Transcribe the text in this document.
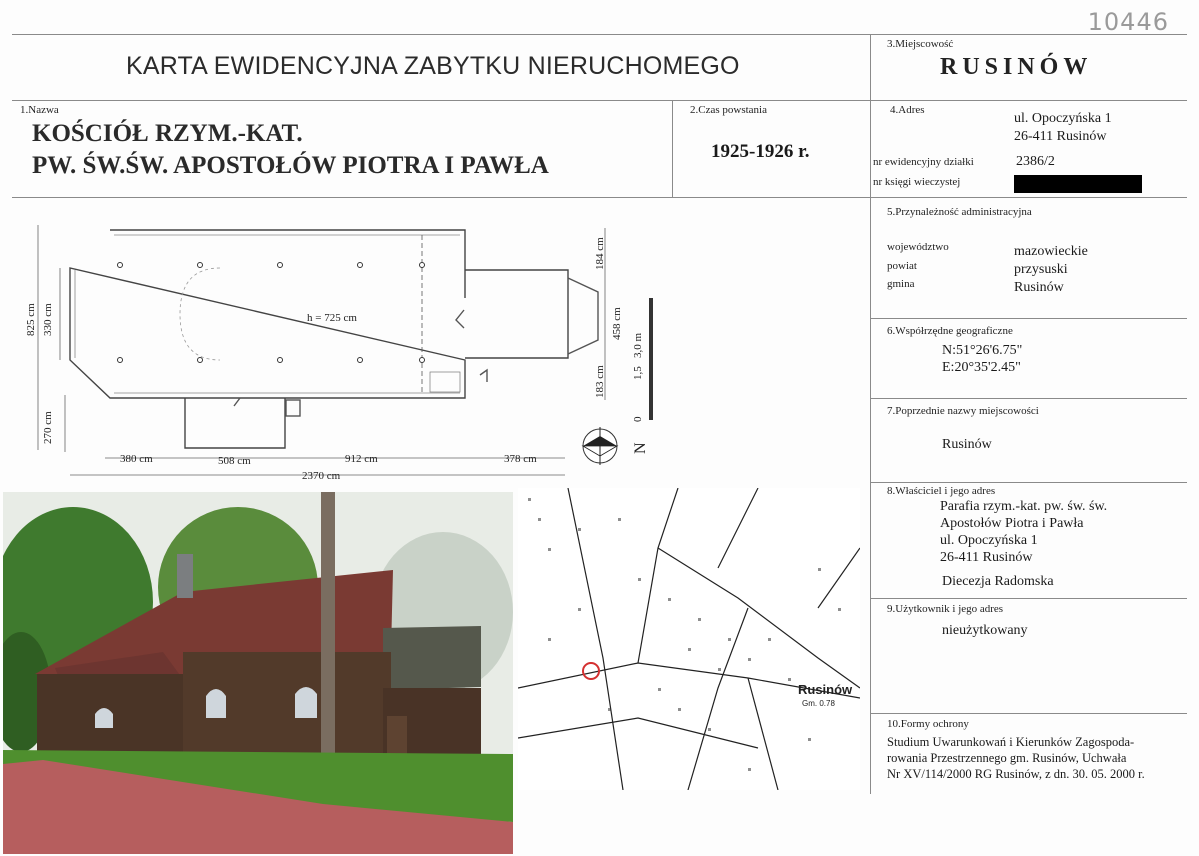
10446
KARTA EWIDENCYJNA ZABYTKU NIERUCHOMEGO
3.Miejscowość
RUSINÓW
1.Nazwa
KOŚCIÓŁ RZYM.-KAT.
PW. ŚW.ŚW. APOSTOŁÓW PIOTRA I PAWŁA
2.Czas powstania
1925-1926 r.
4.Adres
ul. Opoczyńska 1
26-411 Rusinów
nr ewidencyjny działki	2386/2
nr księgi wieczystej
5.Przynależność administracyjna
województwo	mazowieckie
powiat	przysuski
gmina	Rusinów
6.Współrzędne geograficzne
N:51°26'6.75"
E:20°35'2.45"
7.Poprzednie nazwy miejscowości
Rusinów
8.Właściciel i jego adres
Parafia rzym.-kat. pw. św. św.
Apostołów Piotra i Pawła
ul. Opoczyńska 1
26-411 Rusinów
Diecezja Radomska
9.Użytkownik i jego adres
nieużytkowany
10.Formy ochrony
Studium Uwarunkowań i Kierunków Zagospoda-
rowania Przestrzennego gm. Rusinów, Uchwała
Nr XV/114/2000 RG Rusinów, z dn. 30. 05. 2000 r.
h = 725 cm
825 cm 330 cm
270 cm
184 cm
458 cm
183 cm
380 cm	508 cm	912 cm	378 cm
2370 cm
0
1,5
3,0 m
N
Rusinów
Gm. 0.78
